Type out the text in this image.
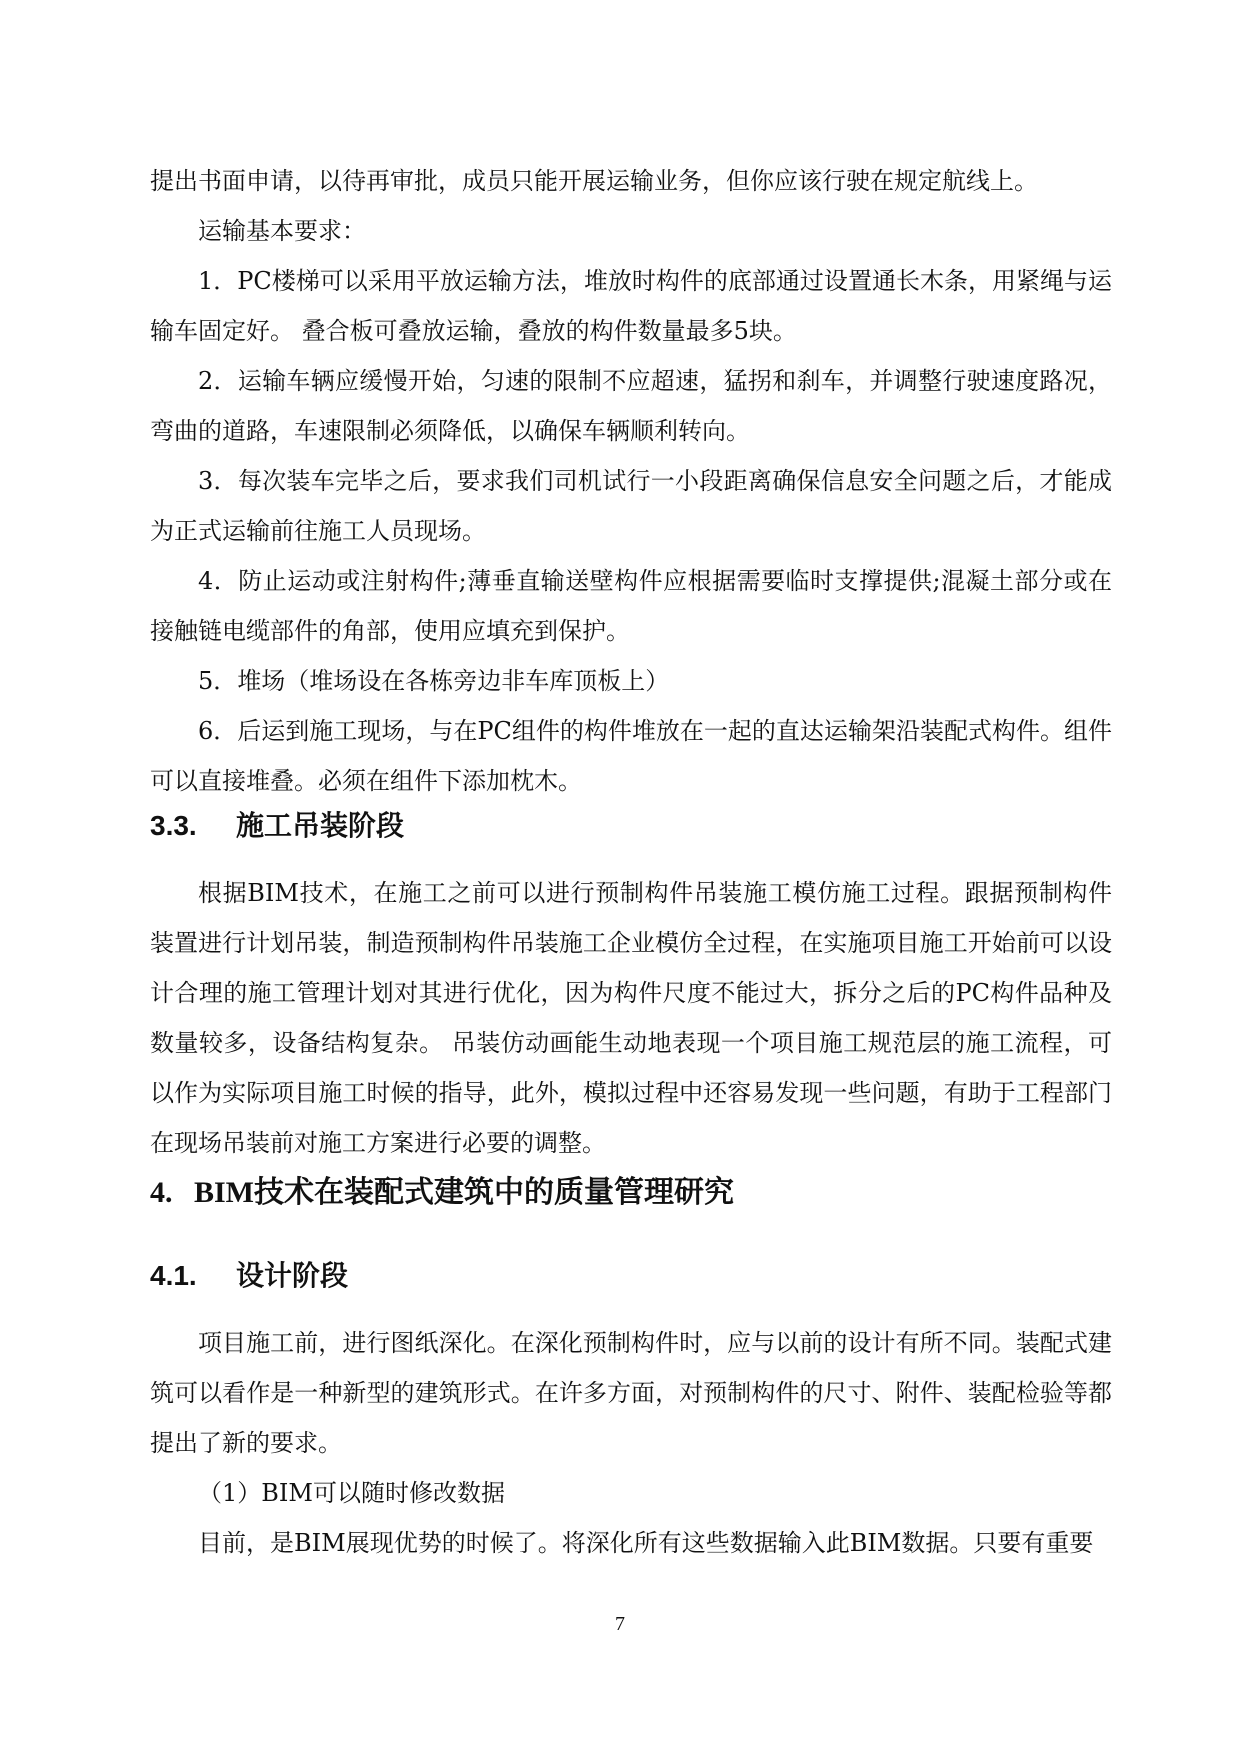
提出书面申请，以待再审批，成员只能开展运输业务，但你应该行驶在规定航线上。

运输基本要求：

1．PC楼梯可以采用平放运输方法，堆放时构件的底部通过设置通长木条，用紧绳与运输车固定好。 叠合板可叠放运输，叠放的构件数量最多5块。

2．运输车辆应缓慢开始，匀速的限制不应超速，猛拐和刹车，并调整行驶速度路况，弯曲的道路，车速限制必须降低，以确保车辆顺利转向。

3．每次装车完毕之后，要求我们司机试行一小段距离确保信息安全问题之后，才能成为正式运输前往施工人员现场。

4．防止运动或注射构件;薄垂直输送壁构件应根据需要临时支撑提供;混凝土部分或在接触链电缆部件的角部，使用应填充到保护。

5．堆场（堆场设在各栋旁边非车库顶板上）

6．后运到施工现场，与在PC组件的构件堆放在一起的直达运输架沿装配式构件。组件可以直接堆叠。必须在组件下添加枕木。

3.3. 施工吊装阶段

根据BIM技术，在施工之前可以进行预制构件吊装施工模仿施工过程。跟据预制构件装置进行计划吊装，制造预制构件吊装施工企业模仿全过程，在实施项目施工开始前可以设计合理的施工管理计划对其进行优化，因为构件尺度不能过大，拆分之后的PC构件品种及数量较多，设备结构复杂。 吊装仿动画能生动地表现一个项目施工规范层的施工流程，可以作为实际项目施工时候的指导，此外，模拟过程中还容易发现一些问题，有助于工程部门在现场吊装前对施工方案进行必要的调整。

4. BIM技术在装配式建筑中的质量管理研究
4.1. 设计阶段

项目施工前，进行图纸深化。在深化预制构件时，应与以前的设计有所不同。装配式建筑可以看作是一种新型的建筑形式。在许多方面，对预制构件的尺寸、附件、装配检验等都提出了新的要求。

（1）BIM可以随时修改数据

目前，是BIM展现优势的时候了。将深化所有这些数据输入此BIM数据。只要有重要

7
